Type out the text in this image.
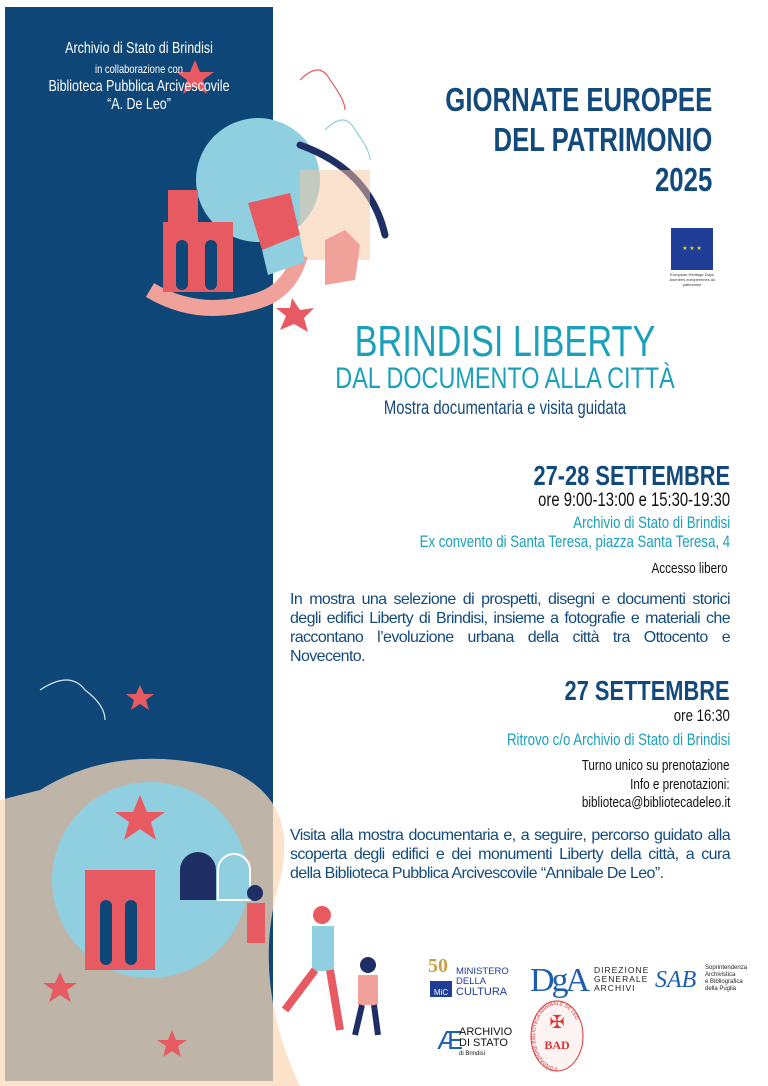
Archivio di Stato di Brindisi
in collaborazione con
Biblioteca Pubblica Arcivescovile
“A. De Leo”	GIORNATE EUROPEE
DEL PATRIMONIO
2025
★ ★ ★
European Heritage Days
Journées européennes du patrimoine
BRINDISI LIBERTY
DAL DOCUMENTO ALLA CITTÀ
Mostra documentaria e visita guidata
27-28 SETTEMBRE
ore 9:00-13:00 e 15:30-19:30
Archivio di Stato di Brindisi
Ex convento di Santa Teresa, piazza Santa Teresa, 4
Accesso libero
In mostra una selezione di prospetti, disegni e documenti storici degli edifici Liberty di Brindisi, insieme a fotografie e materiali che raccontano l’evoluzione urbana della città tra Ottocento e Novecento.
27 SETTEMBRE
ore 16:30
Ritrovo c/o Archivio di Stato di Brindisi
Turno unico su prenotazione
Info e prenotazioni:
biblioteca@bibliotecadeleo.it
Visita alla mostra documentaria e, a seguire, percorso guidato alla scoperta degli edifici e dei monumenti Liberty della città, a cura della Biblioteca Pubblica Arcivescovile “Annibale De Leo”.
50
MiC
MINISTERO
DELLA
CULTURA DgA DIREZIONE
GENERALE
ARCHIVI SAB Soprintendenza
Archivistica
e Bibliografica
della Puglia
Æ
ARCHIVIO
DI STATO
di Brindisi
FONDAZIONE BIBLIOTECA ANNIBALE DE LEO
✠
BAD
